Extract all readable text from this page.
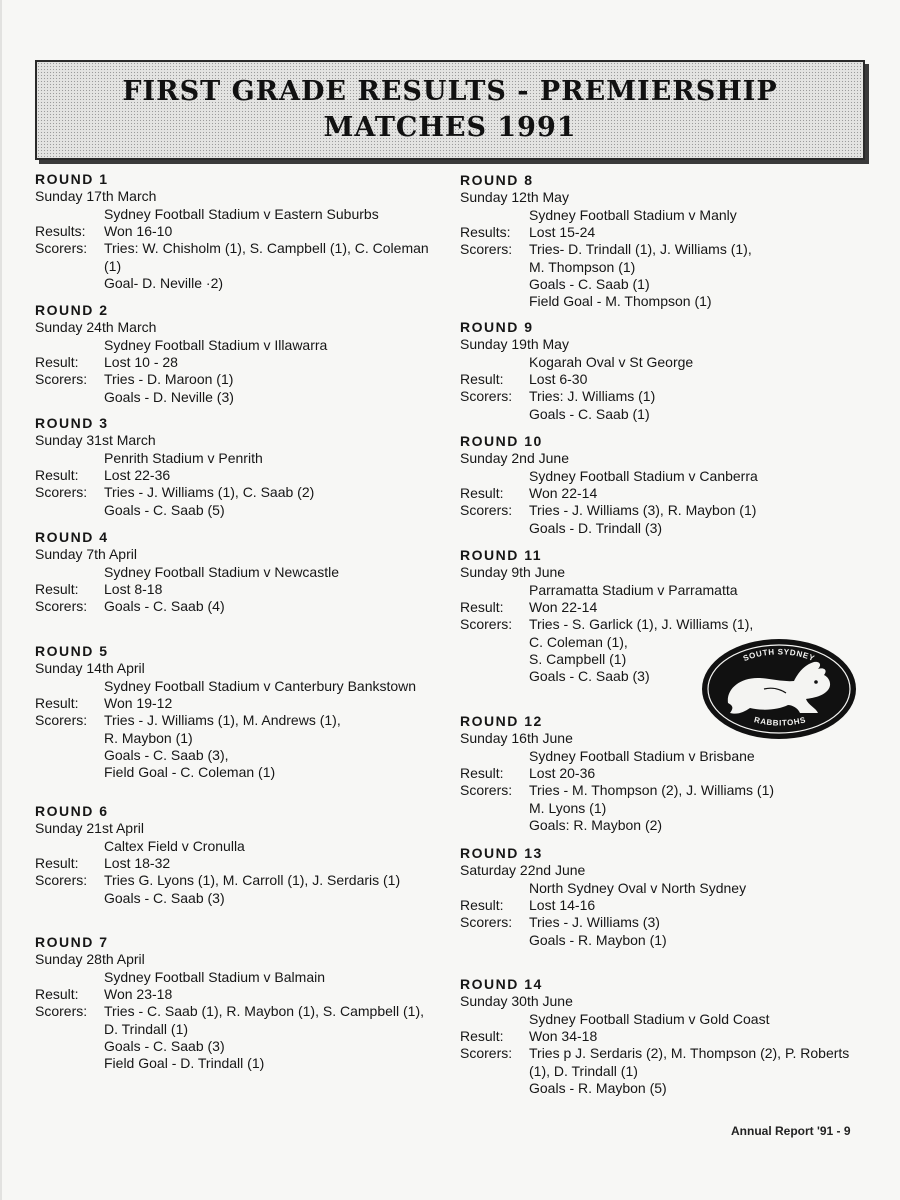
FIRST GRADE RESULTS - PREMIERSHIP
MATCHES 1991
ROUND 1
Sunday 17th March
Sydney Football Stadium v Eastern Suburbs
Results:	Won 16-10
Scorers:	Tries: W. Chisholm (1), S. Campbell (1), C. Coleman
(1)
Goal- D. Neville ·2)
ROUND 2
Sunday 24th March
Sydney Football Stadium v Illawarra
Result:	Lost 10 - 28
Scorers:	Tries - D. Maroon (1)
Goals - D. Neville (3)
ROUND 3
Sunday 31st March
Penrith Stadium v Penrith
Result:	Lost 22-36
Scorers:	Tries - J. Williams (1), C. Saab (2)
Goals - C. Saab (5)
ROUND 4
Sunday 7th April
Sydney Football Stadium v Newcastle
Result:	Lost 8-18
Scorers:	Goals - C. Saab (4)
ROUND 5
Sunday 14th April
Sydney Football Stadium v Canterbury Bankstown
Result:	Won 19-12
Scorers:	Tries - J. Williams (1), M. Andrews (1),
R. Maybon (1)
Goals - C. Saab (3),
Field Goal - C. Coleman (1)
ROUND 6
Sunday 21st April
Caltex Field v Cronulla
Result:	Lost 18-32
Scorers:	Tries G. Lyons (1), M. Carroll (1), J. Serdaris (1)
Goals - C. Saab (3)
ROUND 7
Sunday 28th April
Sydney Football Stadium v Balmain
Result:	Won 23-18
Scorers:	Tries - C. Saab (1), R. Maybon (1), S. Campbell (1),
D. Trindall (1)
Goals - C. Saab (3)
Field Goal - D. Trindall (1)
ROUND 8
Sunday 12th May
Sydney Football Stadium v Manly
Results:	Lost 15-24
Scorers:	Tries- D. Trindall (1), J. Williams (1),
M. Thompson (1)
Goals - C. Saab (1)
Field Goal - M. Thompson (1)
ROUND 9
Sunday 19th May
Kogarah Oval v St George
Result:	Lost 6-30
Scorers:	Tries: J. Williams (1)
Goals - C. Saab (1)
ROUND 10
Sunday 2nd June
Sydney Football Stadium v Canberra
Result:	Won 22-14
Scorers:	Tries - J. Williams (3), R. Maybon (1)
Goals - D. Trindall (3)
ROUND 11
Sunday 9th June
Parramatta Stadium v Parramatta
Result:	Won 22-14
Scorers:	Tries - S. Garlick (1), J. Williams (1),
C. Coleman (1),
S. Campbell (1)
Goals - C. Saab (3)
ROUND 12
Sunday 16th June
Sydney Football Stadium v Brisbane
Result:	Lost 20-36
Scorers:	Tries - M. Thompson (2), J. Williams (1)
M. Lyons (1)
Goals: R. Maybon (2)
ROUND 13
Saturday 22nd June
North Sydney Oval v North Sydney
Result:	Lost 14-16
Scorers:	Tries - J. Williams (3)
Goals - R. Maybon (1)
ROUND 14
Sunday 30th June
Sydney Football Stadium v Gold Coast
Result:	Won 34-18
Scorers:	Tries p J. Serdaris (2), M. Thompson (2), P. Roberts
(1), D. Trindall (1)
Goals - R. Maybon (5)
SOUTH SYDNEY
RABBITOHS
Annual Report '91 - 9
